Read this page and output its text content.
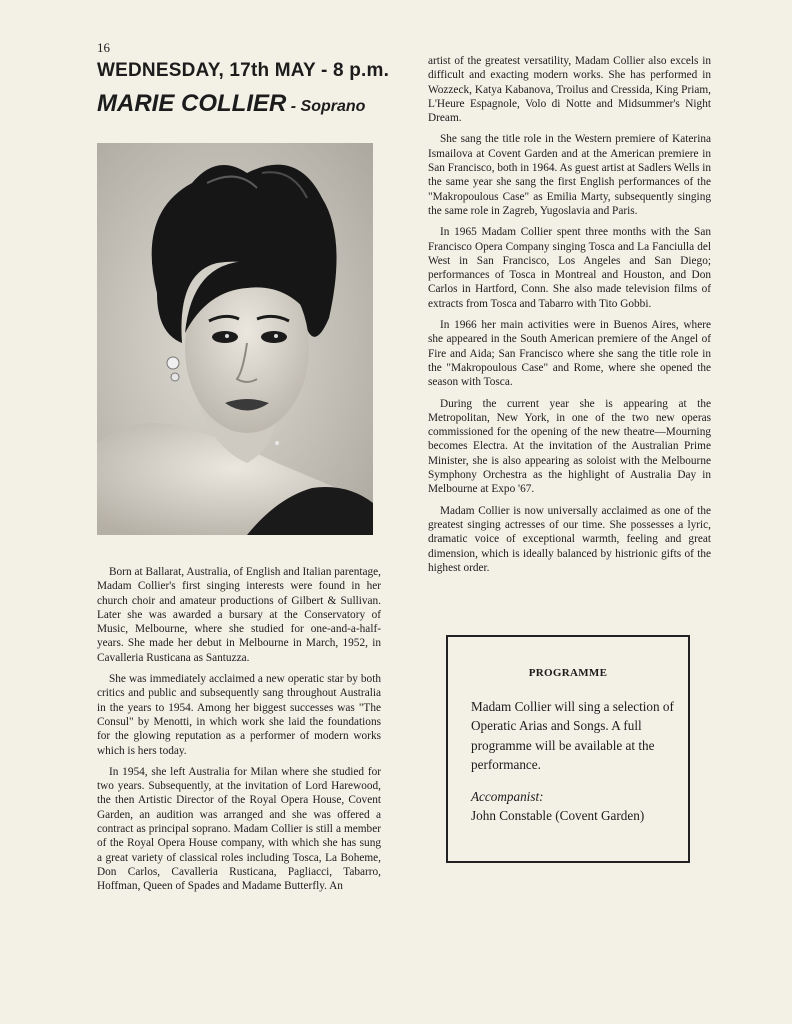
16
WEDNESDAY, 17th MAY - 8 p.m.
MARIE COLLIER - Soprano

Born at Ballarat, Australia, of English and Italian parentage, Madam Collier's first singing interests were found in her church choir and amateur productions of Gilbert & Sullivan. Later she was awarded a bursary at the Conservatory of Music, Melbourne, where she studied for one-and-a-half-years. She made her debut in Melbourne in March, 1952, in Cavalleria Rusticana as Santuzza.

She was immediately acclaimed a new operatic star by both critics and public and subsequently sang throughout Australia in the years to 1954. Among her biggest successes was "The Consul" by Menotti, in which work she laid the foundations for the glowing reputation as a performer of modern works which is hers today.

In 1954, she left Australia for Milan where she studied for two years. Subsequently, at the invitation of Lord Harewood, the then Artistic Director of the Royal Opera House, Covent Garden, an audition was arranged and she was offered a contract as principal soprano. Madam Collier is still a member of the Royal Opera House company, with which she has sung a great variety of classical roles including Tosca, La Boheme, Don Carlos, Cavalleria Rusticana, Pagliacci, Tabarro, Hoffman, Queen of Spades and Madame Butterfly. An

artist of the greatest versatility, Madam Collier also excels in difficult and exacting modern works. She has performed in Wozzeck, Katya Kabanova, Troilus and Cressida, King Priam, L'Heure Espagnole, Volo di Notte and Midsummer's Night Dream.

She sang the title role in the Western premiere of Katerina Ismailova at Covent Garden and at the American premiere in San Francisco, both in 1964. As guest artist at Sadlers Wells in the same year she sang the first English performances of the "Makropoulous Case" as Emilia Marty, subsequently singing the same role in Zagreb, Yugoslavia and Paris.

In 1965 Madam Collier spent three months with the San Francisco Opera Company singing Tosca and La Fanciulla del West in San Francisco, Los Angeles and San Diego; performances of Tosca in Montreal and Houston, and Don Carlos in Hartford, Conn. She also made television films of extracts from Tosca and Tabarro with Tito Gobbi.

In 1966 her main activities were in Buenos Aires, where she appeared in the South American premiere of the Angel of Fire and Aida; San Francisco where she sang the title role in the "Makropoulous Case" and Rome, where she opened the season with Tosca.

During the current year she is appearing at the Metropolitan, New York, in one of the two new operas commissioned for the opening of the new theatre—Mourning becomes Electra. At the invitation of the Australian Prime Minister, she is also appearing as soloist with the Melbourne Symphony Orchestra as the highlight of Australia Day in Melbourne at Expo '67.

Madam Collier is now universally acclaimed as one of the greatest singing actresses of our time. She possesses a lyric, dramatic voice of exceptional warmth, feeling and great dimension, which is ideally balanced by histrionic gifts of the highest order.

PROGRAMME
Madam Collier will sing a selection of Operatic Arias and Songs. A full programme will be available at the performance.
Accompanist:
John Constable (Covent Garden)
